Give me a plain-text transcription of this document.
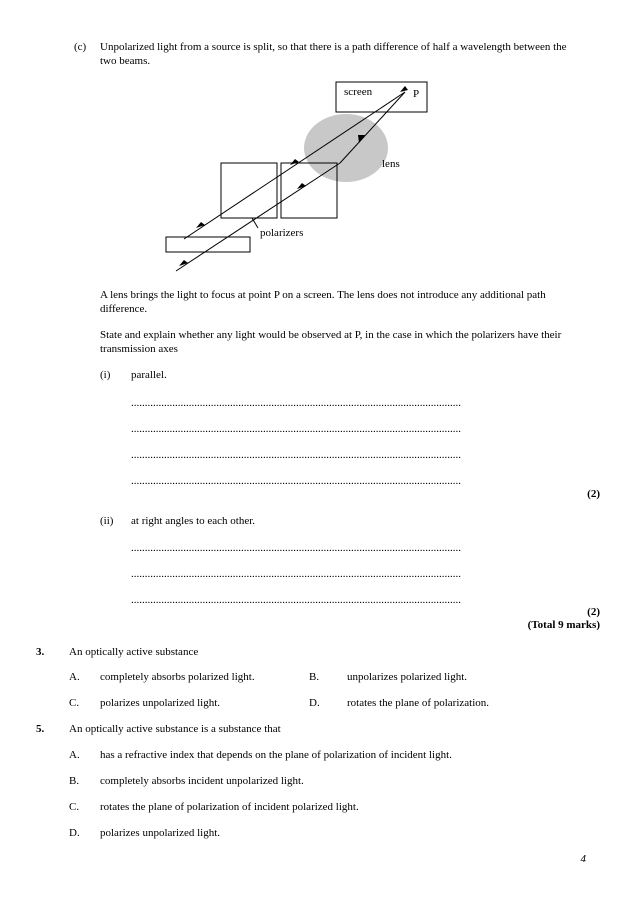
(c) Unpolarized light from a source is split, so that there is a path difference of half a wavelength between the two beams.
screen	P
lens
polarizers
A lens brings the light to focus at point P on a screen. The lens does not introduce any additional path difference.
State and explain whether any light would be observed at P, in the case in which the polarizers have their transmission axes
(i) parallel.
........................................................................................................................
........................................................................................................................
........................................................................................................................
........................................................................................................................
(2)
(ii) at right angles to each other.
........................................................................................................................
........................................................................................................................
........................................................................................................................
(2)
(Total 9 marks)
3. An optically active substance
A. completely absorbs polarized light.	B.	unpolarizes polarized light.
C. polarizes unpolarized light.	D. rotates the plane of polarization.
5. An optically active substance is a substance that
A. has a refractive index that depends on the plane of polarization of incident light.
B. completely absorbs incident unpolarized light.
C. rotates the plane of polarization of incident polarized light.
D. polarizes unpolarized light.
4
